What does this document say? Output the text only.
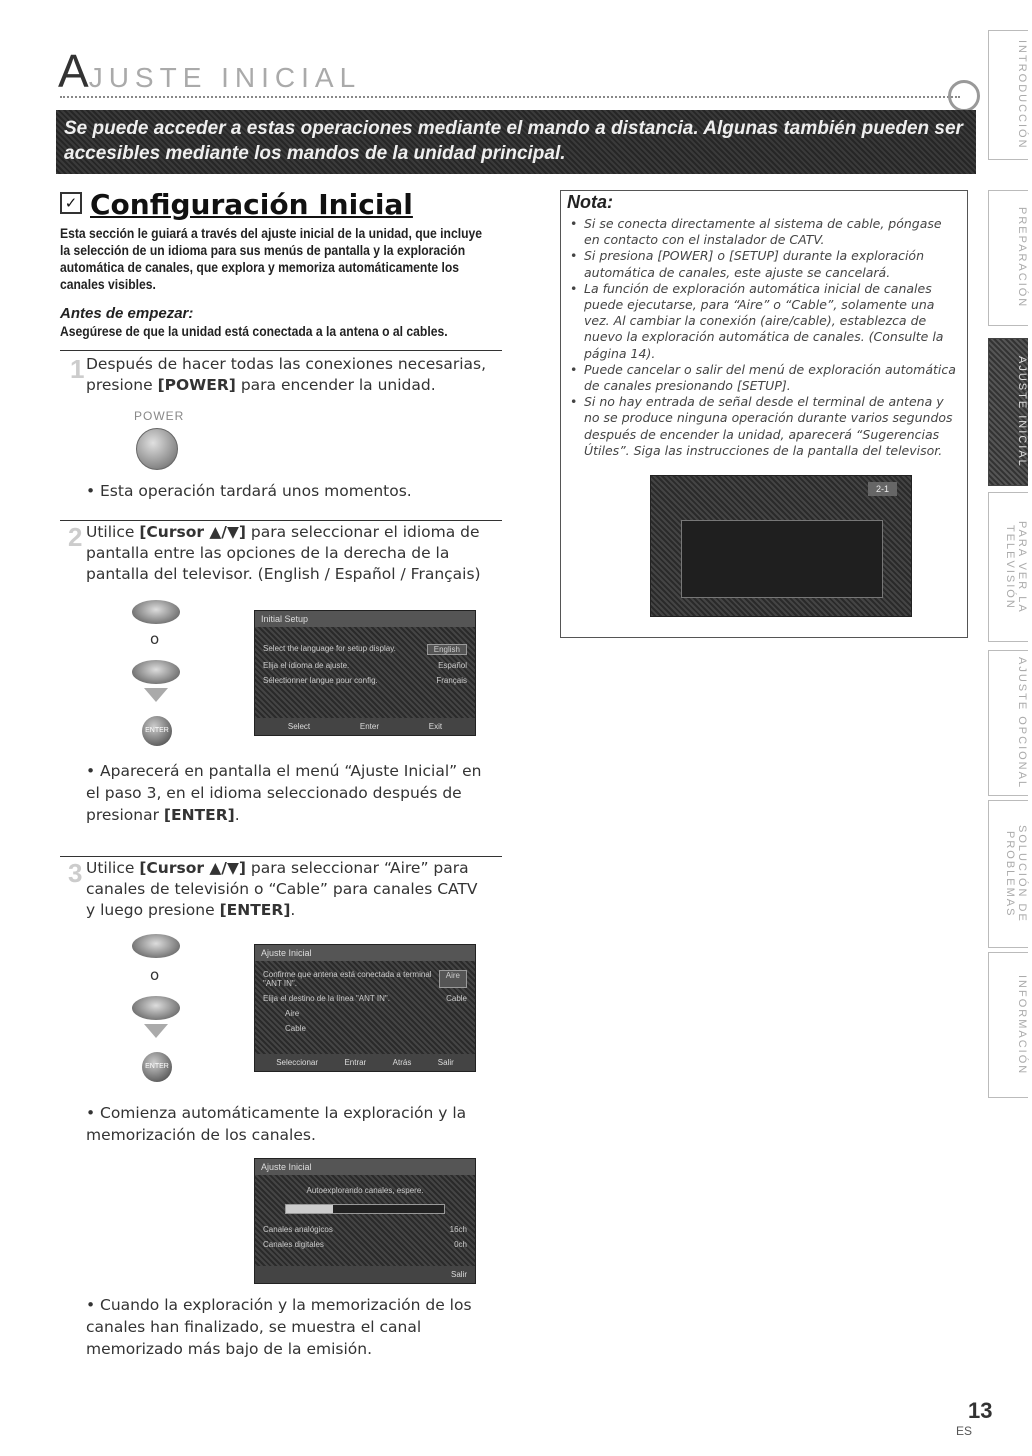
AJUSTE INICIAL

Se puede acceder a estas operaciones mediante el mando a distancia. Algunas también pueden ser accesibles mediante los mandos de la unidad principal.

✓ Configuración Inicial
Esta sección le guiará a través del ajuste inicial de la unidad, que incluye la selección de un idioma para sus menús de pantalla y la exploración automática de canales, que explora y memoriza automáticamente los canales visibles.
Antes de empezar:
Asegúrese de que la unidad está conectada a la antena o al cables.
1 Después de hacer todas las conexiones necesarias, presione [POWER] para encender la unidad.
POWER
• Esta operación tardará unos momentos.
2 Utilice [Cursor ▲/▼] para seleccionar el idioma de pantalla entre las opciones de la derecha de la pantalla del televisor. (English / Español / Français)
o
ENTER
Initial Setup
Select the language for setup display.	English
Elija el idioma de ajuste.	Español
Sélectionner langue pour config.	Français
Select	Enter	Exit
• Aparecerá en pantalla el menú “Ajuste Inicial” en el paso 3, en el idioma seleccionado después de presionar [ENTER].
3 Utilice [Cursor ▲/▼] para seleccionar “Aire” para canales de televisión o “Cable” para canales CATV y luego presione [ENTER].
o
ENTER
Ajuste Inicial
Confirme que antena está conectada a terminal "ANT IN".
Aire
Elija el destino de la línea "ANT IN".	Cable
Aire
Cable
Seleccionar	Entrar	Atrás	Salir
• Comienza automáticamente la exploración y la memorización de los canales.
Ajuste Inicial
Autoexplorando canales, espere.
Canales analógicos	16ch
Canales digitales	0ch
Salir
• Cuando la exploración y la memorización de los canales han finalizado, se muestra el canal memorizado más bajo de la emisión.
Nota:
• Si se conecta directamente al sistema de cable, póngase en contacto con el instalador de CATV.
• Si presiona [POWER] o [SETUP] durante la exploración automática de canales, este ajuste se cancelará.
• La función de exploración automática inicial de canales puede ejecutarse, para “Aire” o “Cable”, solamente una vez. Al cambiar la conexión (aire/cable), establezca de nuevo la exploración automática de canales. (Consulte la página 14).
• Puede cancelar o salir del menú de exploración automática de canales presionando [SETUP].
• Si no hay entrada de señal desde el terminal de antena y no se produce ninguna operación durante varios segundos después de encender la unidad, aparecerá “Sugerencias Útiles”. Siga las instrucciones de la pantalla del televisor.
2-1
INTRODUCCIÓN
PREPARACIÓN
AJUSTE INICIAL
PARA VER LA TELEVISIÓN
AJUSTE OPCIONAL
SOLUCIÓN DE PROBLEMAS
INFORMACIÓN
13
ES
